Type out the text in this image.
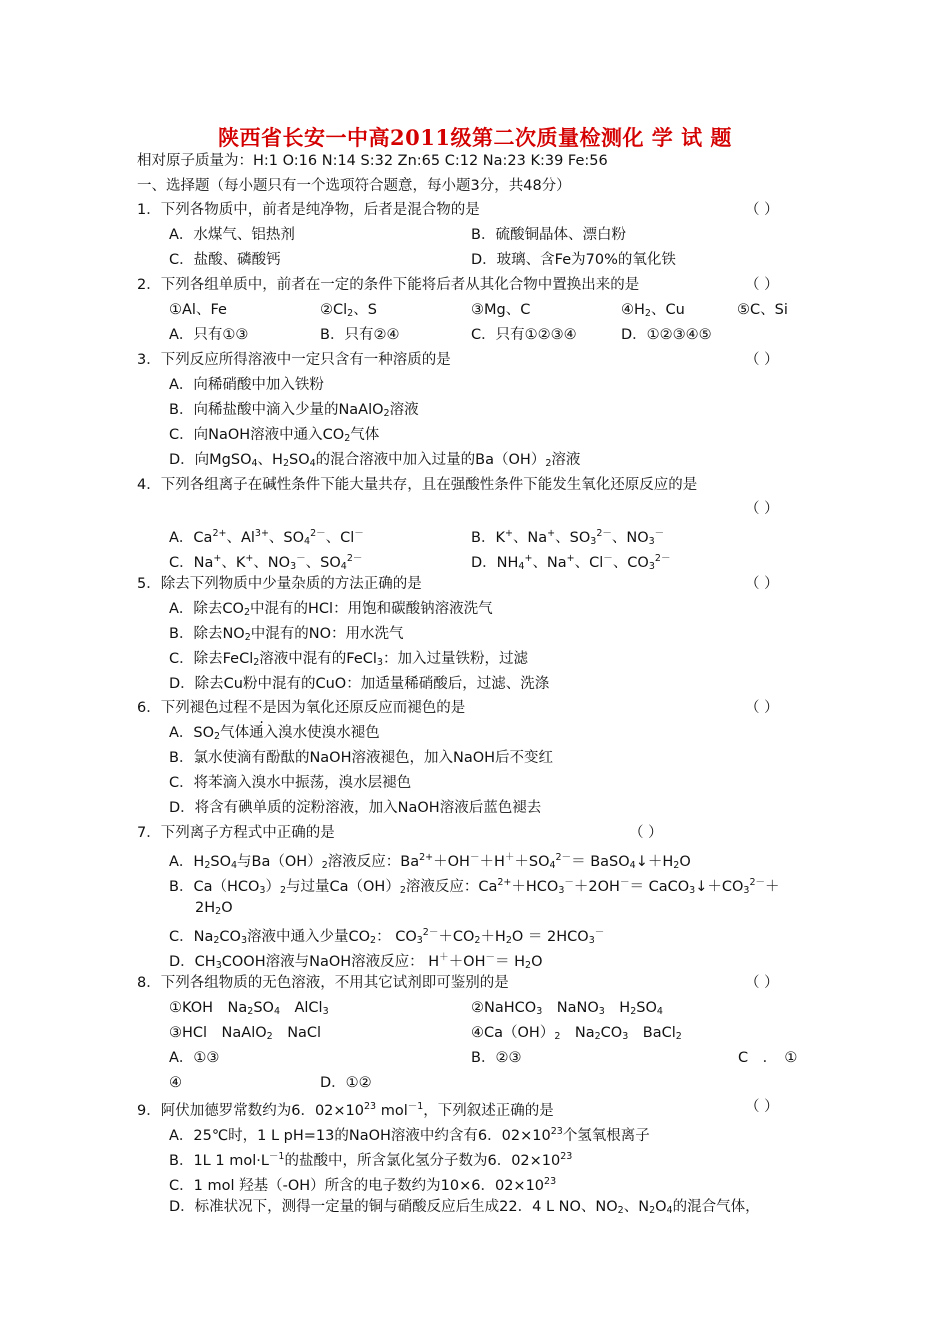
陕西省长安一中高2011级第二次质量检测化 学 试 题
相对原子质量为：H:1 O:16 N:14 S:32 Zn:65 C:12 Na:23 K:39 Fe:56
一、选择题（每小题只有一个选项符合题意，每小题3分，共48分）
1．下列各物质中，前者是纯净物，后者是混合物的是	（ ）
A．水煤气、铝热剂	B．硫酸铜晶体、漂白粉
C．盐酸、磷酸钙	D．玻璃、含Fe为70%的氧化铁
2．下列各组单质中，前者在一定的条件下能将后者从其化合物中置换出来的是	（ ）
①Al、Fe	$②Cl_2$、S	③Mg、C	$④H_2$、Cu	⑤C、Si
A．只有①③	B．只有②④	C．只有①②③④	D．①②③④⑤
3．下列反应所得溶液中一定只含有一种溶质的是	（ ）
A．向稀硝酸中加入铁粉
B．向稀盐酸中滴入少量的NaAlO$_2$溶液
C．向NaOH溶液中通入$CO_2$气体
D．向MgSO$_4$、$H_2SO_4$的混合溶液中加入过量的$Ba(OH)_2$溶液
4．下列各组离子在碱性条件下能大量共存，且在强酸性条件下能发生氧化还原反应的是
（ ）
A．$Ca^{2+}$、$Al^{3+}$、$SO_4^{2-}$、Cl－	B．K+、Na+、$SO_3^{2-}$、$NO_3^-$
C．Na+、K+、$NO_3^-$、$SO_4^{2-}$	D．$NH_4^+$、Na+、Cl－、$CO_3^{2-}$
5．除去下列物质中少量杂质的方法正确的是	（ ）
A．除去$CO_2$中混有的HCl：用饱和碳酸钠溶液洗气
B．除去$NO_2$中混有的NO：用水洗气
C．除去FeCl$_2$溶液中混有的FeCl$_3$：加入过量铁粉，过滤
D．除去Cu粉中混有的CuO：加适量稀硝酸后，过滤、洗涤
6．下列褪色过程不是因为氧化还原反应而褪色的是	（ ）
A．$SO_2$气体通入溴水使溴水褪色
B．氯水使滴有酚酞的NaOH溶液褪色，加入NaOH后不变红
C．将苯滴入溴水中振荡，溴水层褪色
D．将含有碘单质的淀粉溶液，加入NaOH溶液后蓝色褪去
7．下列离子方程式中正确的是	（ ）
A．$H_2SO_4$与$Ba(OH)_2$溶液反应：$Ba^{2+}+OH^-+H^++SO_4^{2-}=$ $BaSO_4↓+H_2O$
B．$Ca(HCO_3)_2$与过量$Ca(OH)_2$溶液反应：$Ca^{2+}+HCO_3^-+2OH^-=$ $CaCO_3↓+CO_3^{2-}+$
$2H_2O$
C．$Na_2CO_3$溶液中通入少量$CO_2$： $CO_3^{2-}+CO_2+H_2O = 2HCO_3^-$
D．$CH_3COOH$溶液与NaOH溶液反应： $H^++OH^-= H_2O$
8．下列各组物质的无色溶液，不用其它试剂即可鉴别的是	（ ）
①KOH　$Na_2SO_4$　AlCl$_3$	②NaHCO$_3$　NaNO$_3$　$H_2SO_4$
③HCl　NaAlO$_2$　NaCl	$④Ca(OH)_2$　$Na_2CO_3$　BaCl$_2$
A．①③	B．②③	C　．　①
④	D．①②
9．阿伏加德罗常数约为6．$02\times 10^{23}$ mol$^{-1}$，下列叙述正确的是	（ ）
A．25℃时，1 L pH=13的NaOH溶液中约含有6．$02\times 10^{23}$个氢氧根离子
B．1L 1 $mol\cdot L^{-1}$的盐酸中，所含氯化氢分子数为6．$02\times 10^{23}$
C．1 mol 羟基（-OH）所含的电子数约为10×6．$02\times 10^{23}$
D．标准状况下，测得一定量的铜与硝酸反应后生成22．4 L NO、$NO_2$、$N_2O_4$的混合气体，
